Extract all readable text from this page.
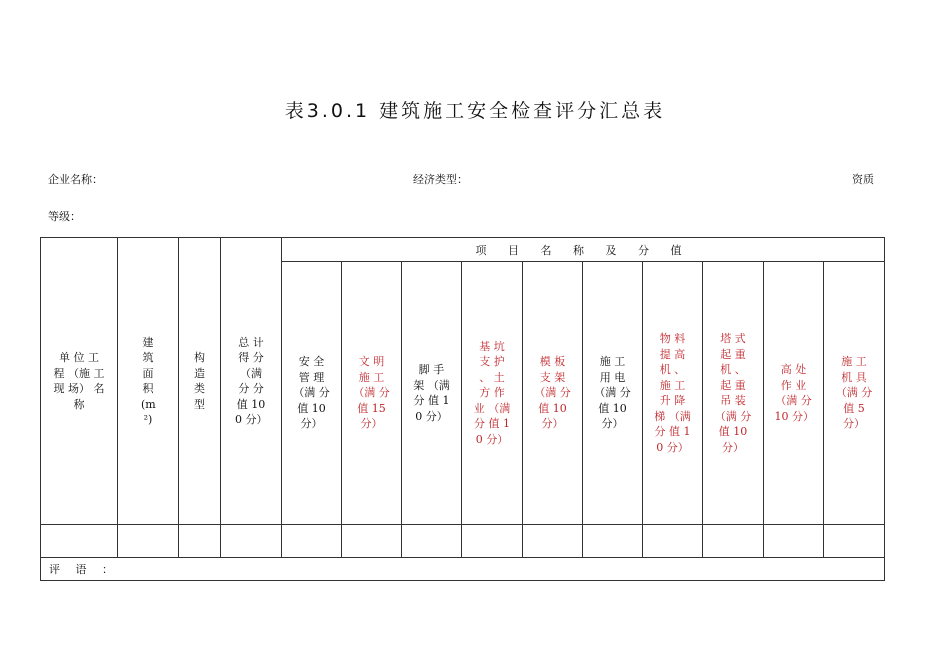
表3.0.1 建筑施工安全检查评分汇总表
企业名称：	经济类型：	资质
等级：
单 位 工 程 （施 工 现 场） 名 称	建 筑 面 积 (m²)	构 造 类 型	总 计 得 分 （满 分 分 值 100 分）	项 目 名 称 及 分 值									

				安 全 管 理 （满 分 值 10 分）	文 明 施 工 （满 分 值 15 分）	脚 手 架 （满 分 值 10 分）	基 坑 支 护 、 土 方 作 业 （满 分 值 10 分）	模 板 支 架 （满 分 值 10 分）	施 工 用 电 （满 分 值 10 分）	物 料 提 高 机 、 施 工 升 降 梯 （满 分 值 10 分）	塔 式 起 重 机 、 起 重 吊 装 （满 分 值 10 分）	高 处 作 业 （满 分 10 分）	施 工 机 具 （满 分 值 5 分）

评 语 ：													
